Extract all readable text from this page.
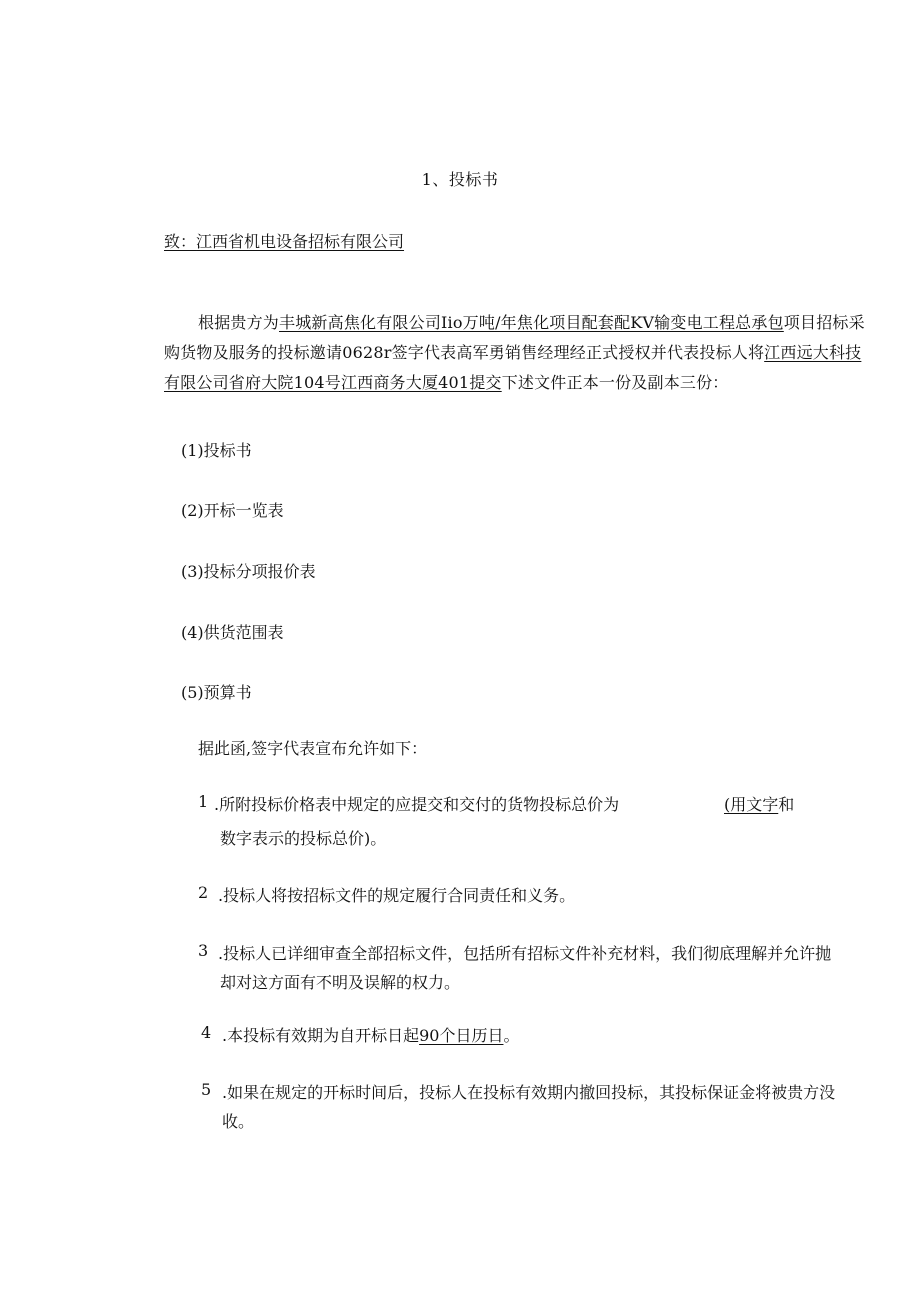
1、投标书
致：江西省机电设备招标有限公司
根据贵方为丰城新高焦化有限公司Iio万吨/年焦化项目配套配KV输变电工程总承包项目招标采购货物及服务的投标邀请0628r签字代表高军勇销售经理经正式授权并代表投标人将江西远大科技有限公司省府大院104号江西商务大厦401提交下述文件正本一份及副本三份：
(1)投标书
(2)开标一览表
(3)投标分项报价表
(4)供货范围表
(5)预算书
据此函,签字代表宣布允许如下：
1 .所附投标价格表中规定的应提交和交付的货物投标总价为	(用文字和
数字表示的投标总价)。
2 .投标人将按招标文件的规定履行合同责任和义务。
3 .投标人已详细审查全部招标文件，包括所有招标文件补充材料，我们彻底理解并允许抛
却对这方面有不明及误解的权力。
4 .本投标有效期为自开标日起90个日历日。
5 .如果在规定的开标时间后，投标人在投标有效期内撤回投标，其投标保证金将被贵方没
收。
